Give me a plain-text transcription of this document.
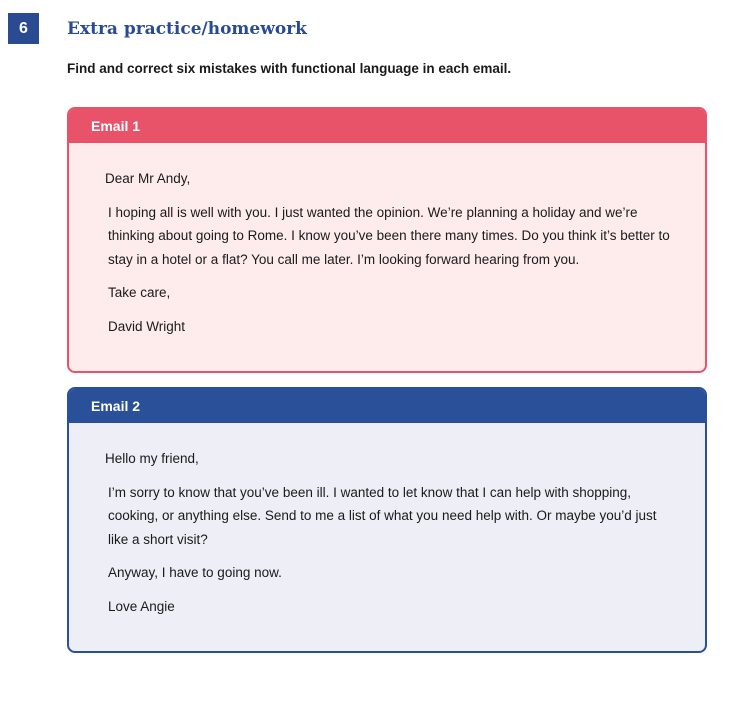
6	Extra practice/homework

Find and correct six mistakes with functional language in each email.

Email 1

Dear Mr Andy,

I hoping all is well with you. I just wanted the opinion. We’re planning a holiday and we’re thinking about going to Rome. I know you’ve been there many times. Do you think it’s better to stay in a hotel or a flat? You call me later. I’m looking forward hearing from you.

Take care,

David Wright

Email 2

Hello my friend,

I’m sorry to know that you’ve been ill. I wanted to let know that I can help with shopping, cooking, or anything else. Send to me a list of what you need help with. Or maybe you’d just like a short visit?

Anyway, I have to going now.

Love Angie
